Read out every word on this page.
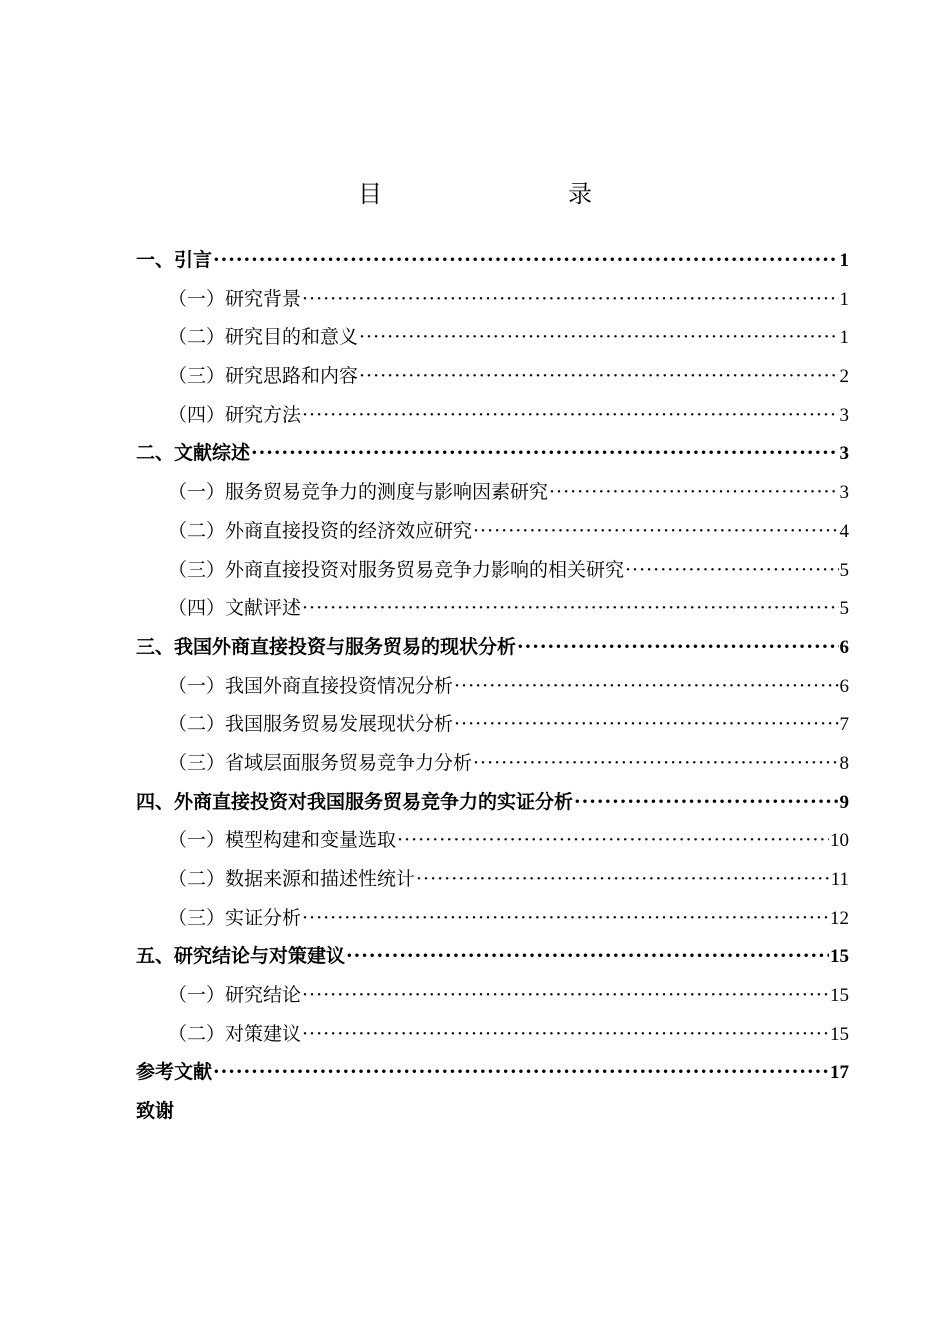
目　　录
一、引言 ·····	1
（一）研究背景 ·····	1
（二）研究目的和意义 ·····	1
（三）研究思路和内容 ·····	2
（四）研究方法 ·····	3
二、文献综述 ·····	3
（一）服务贸易竞争力的测度与影响因素研究 ·····	3
（二）外商直接投资的经济效应研究 ·····	4
（三）外商直接投资对服务贸易竞争力影响的相关研究 ·····	5
（四）文献评述 ·····	5
三、我国外商直接投资与服务贸易的现状分析 ·····	6
（一）我国外商直接投资情况分析 ·····	6
（二）我国服务贸易发展现状分析 ·····	7
（三）省域层面服务贸易竞争力分析 ·····	8
四、外商直接投资对我国服务贸易竞争力的实证分析 ·····	9
（一）模型构建和变量选取 ·····	10
（二）数据来源和描述性统计 ·····	11
（三）实证分析 ·····	12
五、研究结论与对策建议 ·····	15
（一）研究结论 ·····	15
（二）对策建议 ·····	15
参考文献 ·····	17
致谢
